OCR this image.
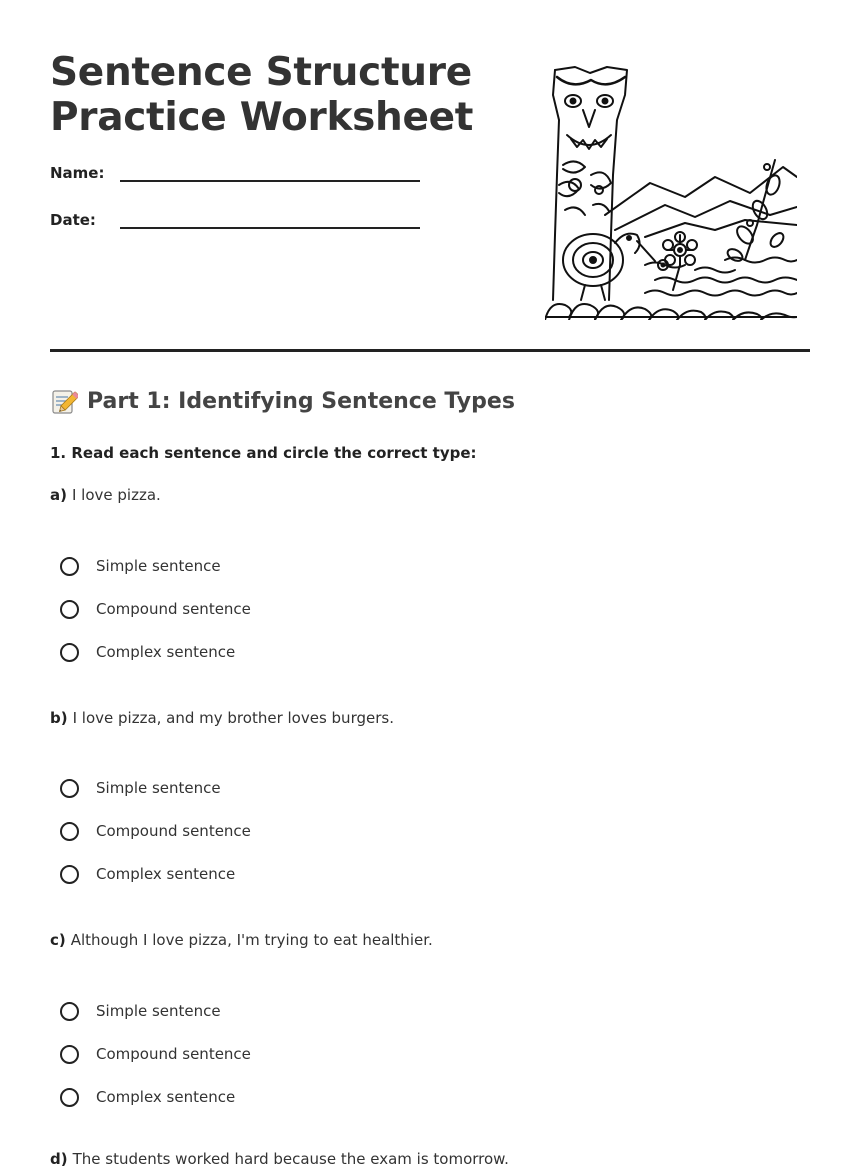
Sentence Structure
Practice Worksheet
Name:
Date:
Part 1: Identifying Sentence Types
1. Read each sentence and circle the correct type:
a) I love pizza.
Simple sentence
Compound sentence
Complex sentence
b) I love pizza, and my brother loves burgers.
Simple sentence
Compound sentence
Complex sentence
c) Although I love pizza, I'm trying to eat healthier.
Simple sentence
Compound sentence
Complex sentence
d) The students worked hard because the exam is tomorrow.
